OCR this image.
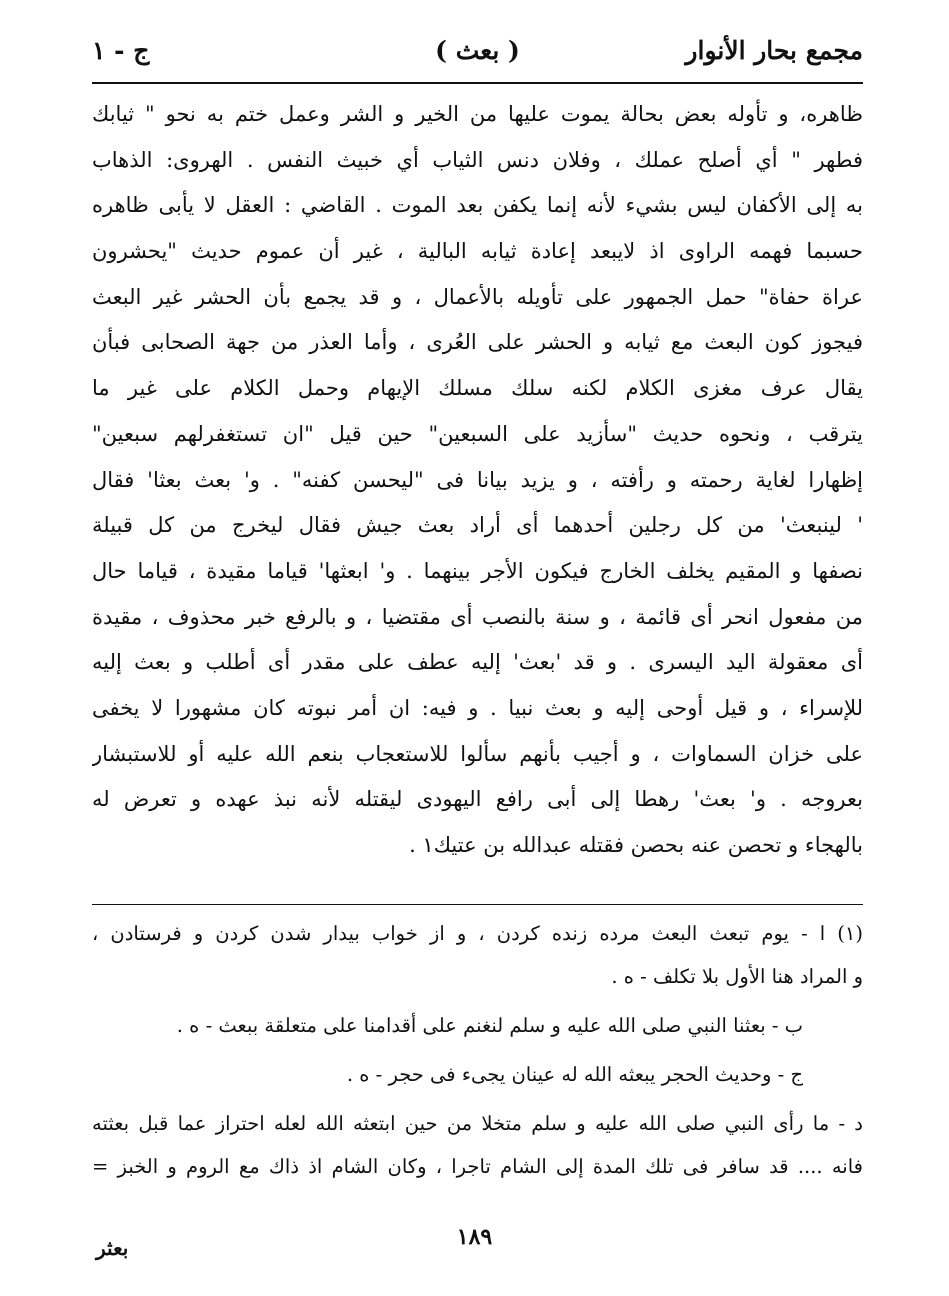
مجمع بحار الأنوار
( بعث )
ج - ١
ظاهره، و تأوله بعض بحالة يموت عليها من الخير و الشر وعمل ختم به نحو " ثيابك
فطهر " أي أصلح عملك ، وفلان دنس الثياب أي خبيث النفس . الهروى: الذهاب
به إلى الأكفان ليس بشيء لأنه إنما يكفن بعد الموت . القاضي : العقل لا يأبى ظاهره
حسبما فهمه الراوى اذ لايبعد إعادة ثيابه البالية ، غير أن عموم حديث "يحشرون
عراة حفاة" حمل الجمهور على تأويله بالأعمال ، و قد يجمع بأن الحشر غير البعث
فيجوز كون البعث مع ثيابه و الحشر على العُرى ، وأما العذر من جهة الصحابى فبأن
يقال عرف مغزى الكلام لكنه سلك مسلك الإيهام وحمل الكلام على غير ما
يترقب ، ونحوه حديث "سأزيد على السبعين" حين قيل "ان تستغفرلهم سبعين"
إظهارا لغاية رحمته و رأفته ، و يزيد بيانا فى "ليحسن كفنه" . و' بعث بعثا' فقال
' لينبعث' من كل رجلين أحدهما أى أراد بعث جيش فقال ليخرج من كل قبيلة
نصفها و المقيم يخلف الخارج فيكون الأجر بينهما . و' ابعثها' قياما مقيدة ، قياما حال
من مفعول انحر أى قائمة ، و سنة بالنصب أى مقتضيا ، و بالرفع خبر محذوف ، مقيدة
أى معقولة اليد اليسرى . و قد 'بعث' إليه عطف على مقدر أى أطلب و بعث إليه
للإسراء ، و قيل أوحى إليه و بعث نبيا . و فيه: ان أمر نبوته كان مشهورا لا يخفى
على خزان السماوات ، و أجيب بأنهم سألوا للاستعجاب بنعم الله عليه أو للاستبشار
بعروجه . و' بعث' رهطا إلى أبى رافع اليهودى ليقتله لأنه نبذ عهده و تعرض له
بالهجاء و تحصن عنه بحصن فقتله عبدالله بن عتيك١ .
(١) ا - يوم تبعث البعث مرده زنده كردن ، و از خواب بيدار شدن كردن و فرستادن ،
و المراد هنا الأول بلا تكلف - ه .
ب - بعثنا النبي صلى الله عليه و سلم لنغنم على أقدامنا على متعلقة ببعث - ه .
ج - وحديث الحجر يبعثه الله له عينان يجىء فى حجر - ه .
د - ما رأى النبي صلى الله عليه و سلم متخلا من حين ابتعثه الله لعله احتراز عما قبل بعثته
فانه .... قد سافر فى تلك المدة إلى الشام تاجرا ، وكان الشام اذ ذاك مع الروم و الخبز =
١٨٩
بعثر
